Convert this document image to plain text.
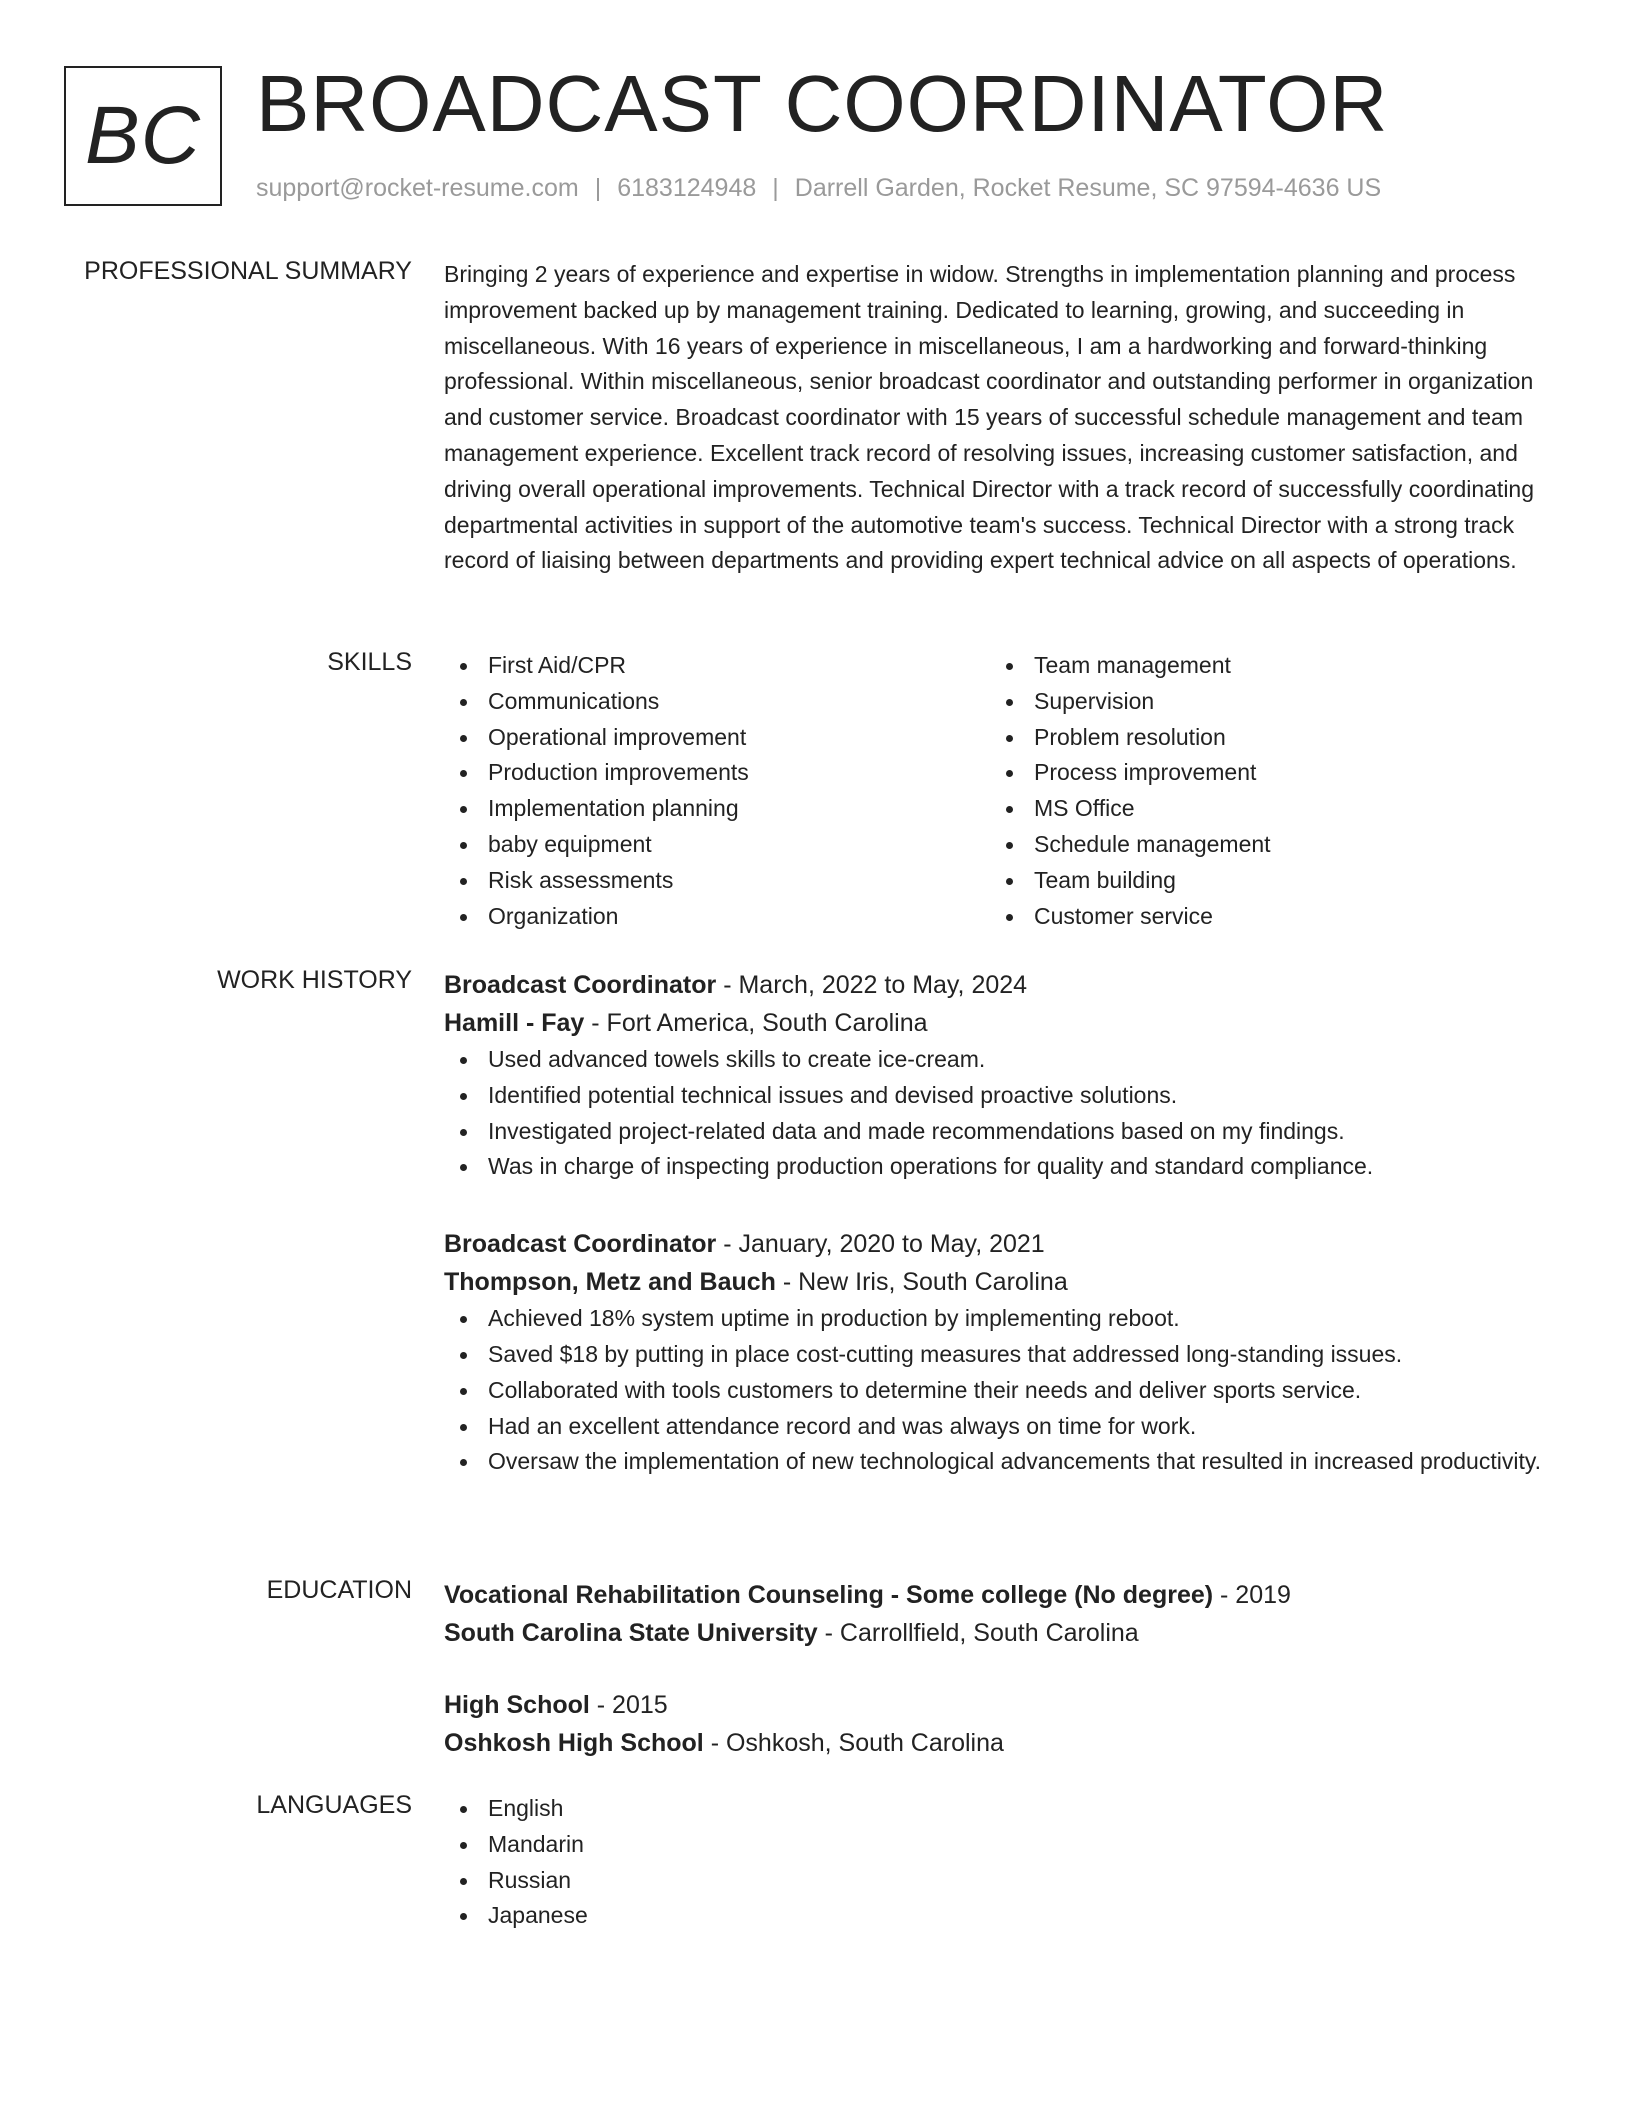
BC BROADCAST COORDINATOR
support@rocket-resume.com | 6183124948 | Darrell Garden, Rocket Resume, SC 97594-4636 US
PROFESSIONAL SUMMARY Bringing 2 years of experience and expertise in widow. Strengths in implementation planning and process improvement backed up by management training. Dedicated to learning, growing, and succeeding in miscellaneous. With 16 years of experience in miscellaneous, I am a hardworking and forward-thinking professional. Within miscellaneous, senior broadcast coordinator and outstanding performer in organization and customer service. Broadcast coordinator with 15 years of successful schedule management and team management experience. Excellent track record of resolving issues, increasing customer satisfaction, and driving overall operational improvements. Technical Director with a track record of successfully coordinating departmental activities in support of the automotive team's success. Technical Director with a strong track record of liaising between departments and providing expert technical advice on all aspects of operations.

SKILLS	First Aid/CPR
Communications
Operational improvement
Production improvements
Implementation planning
baby equipment
Risk assessments
Organization
Team management
Supervision
Problem resolution
Process improvement
MS Office
Schedule management
Team building
Customer service
WORK HISTORY Broadcast Coordinator - March, 2022 to May, 2024
Hamill - Fay - Fort America, South Carolina
Used advanced towels skills to create ice-cream.
Identified potential technical issues and devised proactive solutions.
Investigated project-related data and made recommendations based on my findings.
Was in charge of inspecting production operations for quality and standard compliance.
Broadcast Coordinator - January, 2020 to May, 2021
Thompson, Metz and Bauch - New Iris, South Carolina
Achieved 18% system uptime in production by implementing reboot.
Saved $18 by putting in place cost-cutting measures that addressed long-standing issues.
Collaborated with tools customers to determine their needs and deliver sports service.
Had an excellent attendance record and was always on time for work.
Oversaw the implementation of new technological advancements that resulted in increased productivity.
EDUCATION Vocational Rehabilitation Counseling - Some college (No degree) - 2019
South Carolina State University - Carrollfield, South Carolina
High School - 2015
Oshkosh High School - Oshkosh, South Carolina
LANGUAGES	English
Mandarin
Russian
Japanese
